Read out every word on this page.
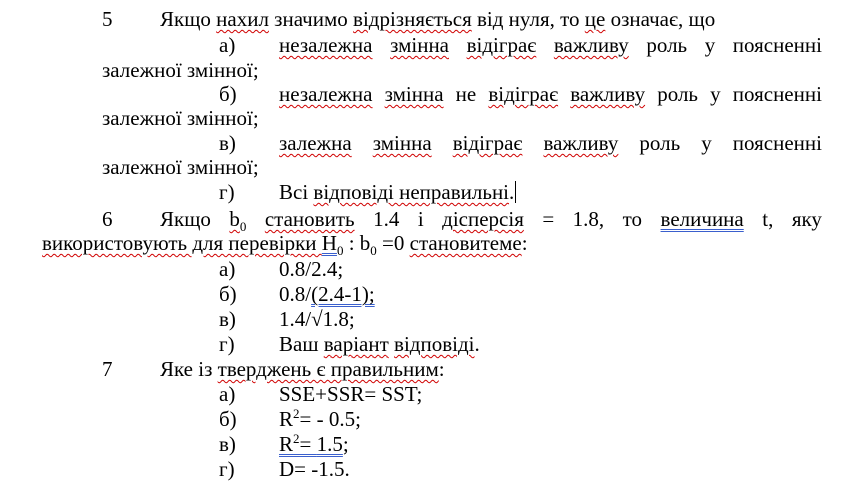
5 Якщо нахил значимо відрізняється від нуля, то це означає, що
а) незалежна змінна відіграє важливу роль у поясненні
залежної змінної;
б) незалежна змінна не відіграє важливу роль у поясненні
залежної змінної;
в) залежна змінна відіграє важливу роль у поясненні
залежної змінної;
г) Всі відповіді неправильні.
6 Якщо $b_0$ становить 1.4 і дісперсія = 1.8, то величина t, яку
використовують для перевірки $H_0$ : $b_0 =0$ становитеме:
а) 0.8/2.4;
б) 0.8/(2.4-1);
в) 1.4/√1.8;
г) Ваш варіант відповіді.
7 Яке із тверджень є правильним:
а) SSE+SSR= SST;
б) $R^2= - 0.5$;
в) $R^2= 1.5$;
г) D= -1.5.
